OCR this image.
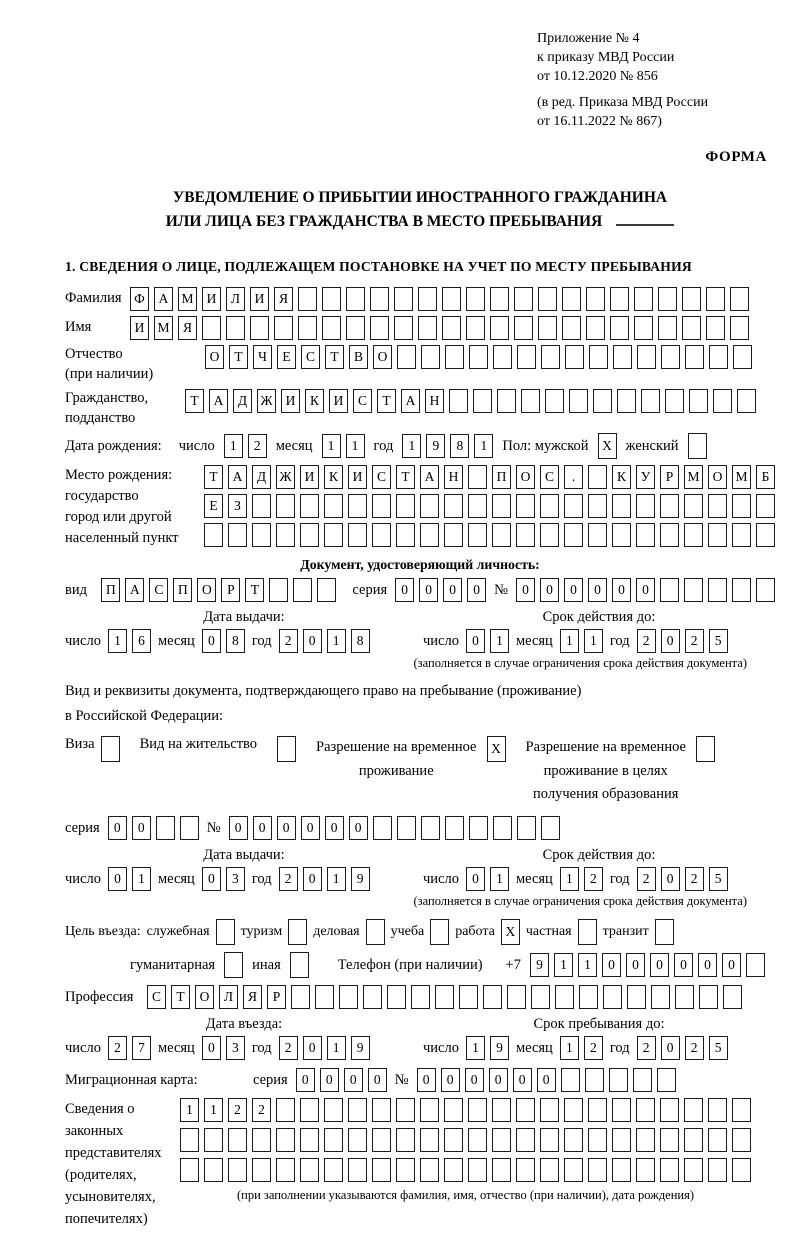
Приложение № 4
к приказу МВД России
от 10.12.2020 № 856
(в ред. Приказа МВД России
от 16.11.2022 № 867)
ФОРМА
УВЕДОМЛЕНИЕ О ПРИБЫТИИ ИНОСТРАННОГО ГРАЖДАНИНА
ИЛИ ЛИЦА БЕЗ ГРАЖДАНСТВА В МЕСТО ПРЕБЫВАНИЯ
1. СВЕДЕНИЯ О ЛИЦЕ, ПОДЛЕЖАЩЕМ ПОСТАНОВКЕ НА УЧЕТ ПО МЕСТУ ПРЕБЫВАНИЯ
Фамилия Ф	А М И	Л	И	Я
Имя	И М Я
Отчество
(при наличии)
О	Т	Ч	Е	С	Т	В	О
Гражданство,
подданство
Т	А	Д Ж И	К	И	С	Т	А	Н
Дата рождения: число	1	2	месяц	1	1	год	1	9	8	1	Пол: мужской	X женский
Место рождения:
государство
город или другой
населенный пункт
Т	А	Д Ж И	К	И	С	Т	А	Н	П	О	С	.	К	У	Р	М О М	Б
Е	З
Документ, удостоверяющий личность:
вид	П	А	С	П	О	Р	Т	серия	0	0	0	0 №	0	0	0	0	0	0
Дата выдачи:
число 1	6 месяц 0	8 год 2	0	1	8
Срок действия до:
число 0	1 месяц 1	1 год 2	0	2	5
(заполняется в случае ограничения срока действия документа)
Вид и реквизиты документа, подтверждающего право на пребывание (проживание)
в Российской Федерации:
Виза	Вид на жительство	Разрешение на временное
проживание
X	Разрешение на временное
проживание в целях
получения образования
серия	0	0	№	0	0	0	0	0	0
Дата выдачи:
число 0	1 месяц 0	3 год 2	0	1	9
Срок действия до:
число 0	1 месяц 1	2 год 2	0	2	5
(заполняется в случае ограничения срока действия документа)
Цель въезда: служебная туризм деловая учеба работа X частная транзит
гуманитарная	иная	Телефон (при наличии) +7	9	1	1	0	0	0	0	0	0
Профессия	С	Т	О	Л	Я	Р
Дата въезда:
число 2	7 месяц 0	3 год 2	0	1	9
Срок пребывания до:
число 1	9 месяц 1	2 год 2	0	2	5
Миграционная карта:	серия	0	0	0	0 №	0	0	0	0	0	0
Сведения о
законных
представителях
(родителях,
усыновителях,
попечителях)
1	1	2	2
(при заполнении указываются фамилия, имя, отчество (при наличии), дата рождения)
